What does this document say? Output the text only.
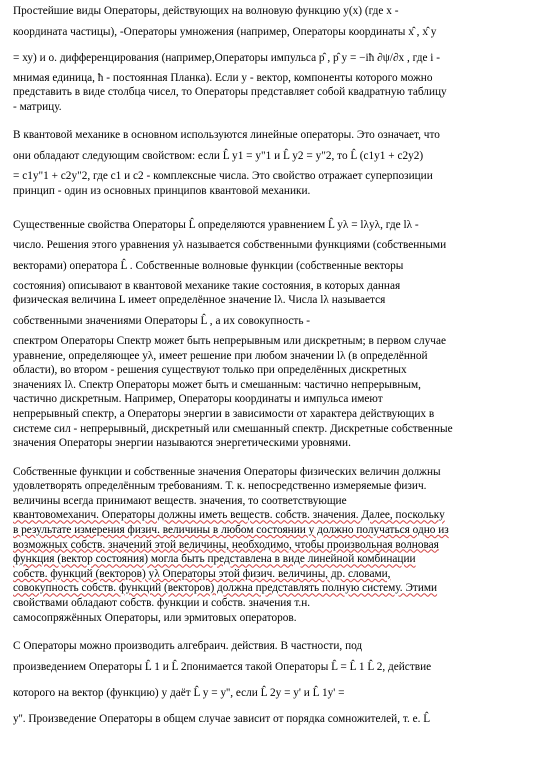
Простейшие виды Операторы, действующих на волновую функцию у(х) (где х -
координата частицы), -Операторы умножения (например, Операторы координаты х̂ , х̂ у
= ху) и о. дифференцирования (например,Операторы импульса р̂ , р̂ у = −iħ ∂ψ/∂x , где i -
мнимая единица, ħ - постоянная Планка). Если у - вектор, компоненты которого можно
представить в виде столбца чисел, то Операторы представляет собой квадратную таблицу
- матрицу.

В квантовой механике в основном используются линейные операторы. Это означает, что
они обладают следующим свойством: если L̂ у1 = у"1 и L̂ у2 = у"2, то L̂ (с1у1 + с2у2)
= с1у"1 + с2у"2, где с1 и с2 - комплексные числа. Это свойство отражает суперпозиции
принцип - один из основных принципов квантовой механики.

Существенные свойства Операторы L̂ определяются уравнением L̂ уλ = lλуλ, где lλ -
число. Решения этого уравнения уλ называется собственными функциями (собственными
векторами) оператора L̂ . Собственные волновые функции (собственные векторы
состояния) описывают в квантовой механике такие состояния, в которых данная
физическая величина L имеет определённое значение lλ. Числа lλ называется
собственными значениями Операторы L̂ , а их совокупность -
спектром Операторы Спектр может быть непрерывным или дискретным; в первом случае
уравнение, определяющее уλ, имеет решение при любом значении lλ (в определённой
области), во втором - решения существуют только при определённых дискретных
значениях lλ. Спектр Операторы может быть и смешанным: частично непрерывным,
частично дискретным. Например, Операторы координаты и импульса имеют
непрерывный спектр, а Операторы энергии в зависимости от характера действующих в
системе сил - непрерывный, дискретный или смешанный спектр. Дискретные собственные
значения Операторы энергии называются энергетическими уровнями.

Собственные функции и собственные значения Операторы физических величин должны
удовлетворять определённым требованиям. Т. к. непосредственно измеряемые физич.
величины всегда принимают веществ. значения, то соответствующие
квантовомеханич. Операторы должны иметь веществ. собств. значения. Далее, поскольку
в результате измерения физич. величины в любом состоянии у должно получаться одно из
возможных собств. значений этой величины, необходимо, чтобы произвольная волновая
функция (вектор состояния) могла быть представлена в виде линейной комбинации
собств. функций (векторов) уλ Операторы этой физич. величины, др. словами,
совокупность собств. функций (векторов) должна представлять полную систему. Этими
свойствами обладают собств. функции и собств. значения т.н.
самосопряжённых Операторы, или эрмитовых операторов.

С Операторы можно производить алгебраич. действия. В частности, под
произведением Операторы L̂ 1 и L̂ 2понимается такой Операторы L̂ = L̂ 1 L̂ 2, действие
которого на вектор (функцию) у даёт L̂ у = у'', если L̂ 2у = у' и L̂ 1у' =
у''. Произведение Операторы в общем случае зависит от порядка сомножителей, т. е. L̂
